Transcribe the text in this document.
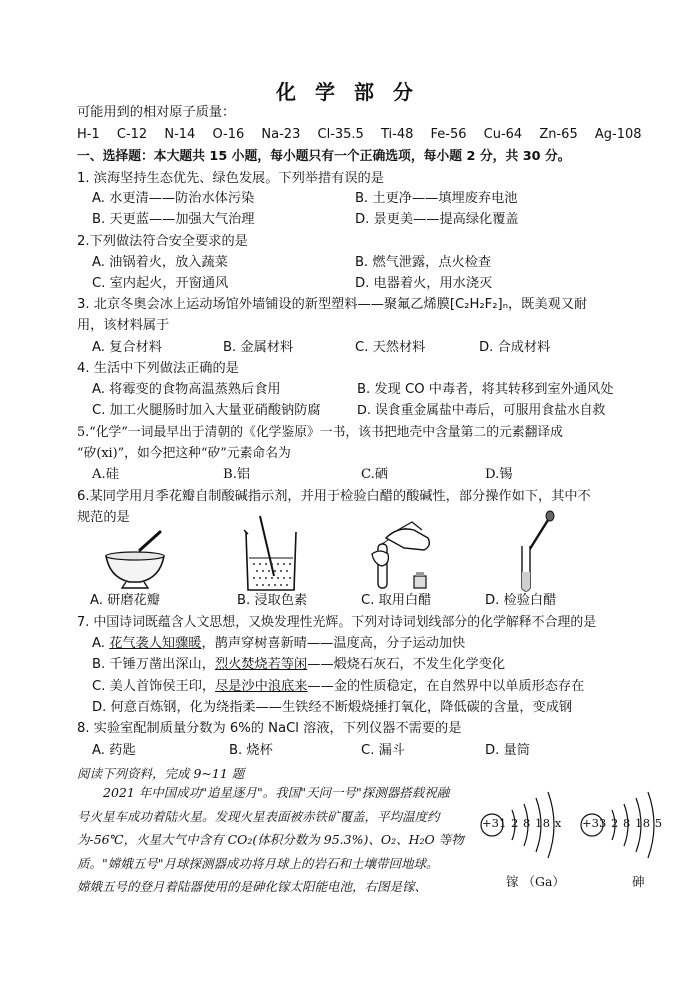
化 学 部 分
可能用到的相对原子质量：
H-1 C-12 N-14 O-16 Na-23 Cl-35.5 Ti-48 Fe-56 Cu-64 Zn-65 Ag-108
一、选择题：本大题共 15 小题，每小题只有一个正确选项，每小题 2 分，共 30 分。
1. 滨海坚持生态优先、绿色发展。下列举措有误的是
A. 水更清——防治水体污染	B. 土更净——填埋废弃电池
B. 天更蓝——加强大气治理	D. 景更美——提高绿化覆盖
2.下列做法符合安全要求的是
A. 油锅着火，放入蔬菜	B. 燃气泄露，点火检查
C. 室内起火，开窗通风	D. 电器着火，用水浇灭
3. 北京冬奥会冰上运动场馆外墙铺设的新型塑料——聚氟乙烯膜[C₂H₂F₂]ₙ，既美观又耐
用，该材料属于
A. 复合材料	B. 金属材料	C. 天然材料	D. 合成材料
4. 生活中下列做法正确的是
A. 将霉变的食物高温蒸熟后食用	B. 发现 CO 中毒者，将其转移到室外通风处
C. 加工火腿肠时加入大量亚硝酸钠防腐	D. 误食重金属盐中毒后，可服用食盐水自救
5.“化学”一词最早出于清朝的《化学鉴原》一书，该书把地壳中含量第二的元素翻译成
“矽(xi)”，如今把这种“矽”元素命名为
A.硅	B.铝	C.硒	D.锡
6.某同学用月季花瓣自制酸碱指示剂，并用于检验白醋的酸碱性，部分操作如下，其中不
规范的是
A. 研磨花瓣	B. 浸取色素	C. 取用白醋	D. 检验白醋
7. 中国诗词既蕴含人文思想，又焕发理性光辉。下列对诗词划线部分的化学解释不合理的是
A. 花气袭人知骤暖，鹊声穿树喜新晴——温度高，分子运动加快
B. 千锤万凿出深山，烈火焚烧若等闲——煅烧石灰石，不发生化学变化
C. 美人首饰侯王印，尽是沙中浪底来——金的性质稳定，在自然界中以单质形态存在
D. 何意百炼钢，化为绕指柔——生铁经不断煅烧捶打氧化，降低碳的含量，变成钢
8. 实验室配制质量分数为 6%的 NaCl 溶液，下列仪器不需要的是
A. 药匙	B. 烧杯	C. 漏斗	D. 量筒
阅读下列资料，完成 9~11 题
2021 年中国成功"追星逐月"。我国"天问一号"探测器搭载祝融
号火星车成功着陆火星。发现火星表面被赤铁矿覆盖，平均温度约
为-56℃，火星大气中含有 CO₂(体积分数为 95.3%)、O₂、H₂O 等物
质。"嫦娥五号"月球探测器成功将月球上的岩石和土壤带回地球。
嫦娥五号的登月着陆器使用的是砷化镓太阳能电池，右图是镓、
+31 2 8 18 x +33 2 8 18 5
镓 （Ga）	砷
